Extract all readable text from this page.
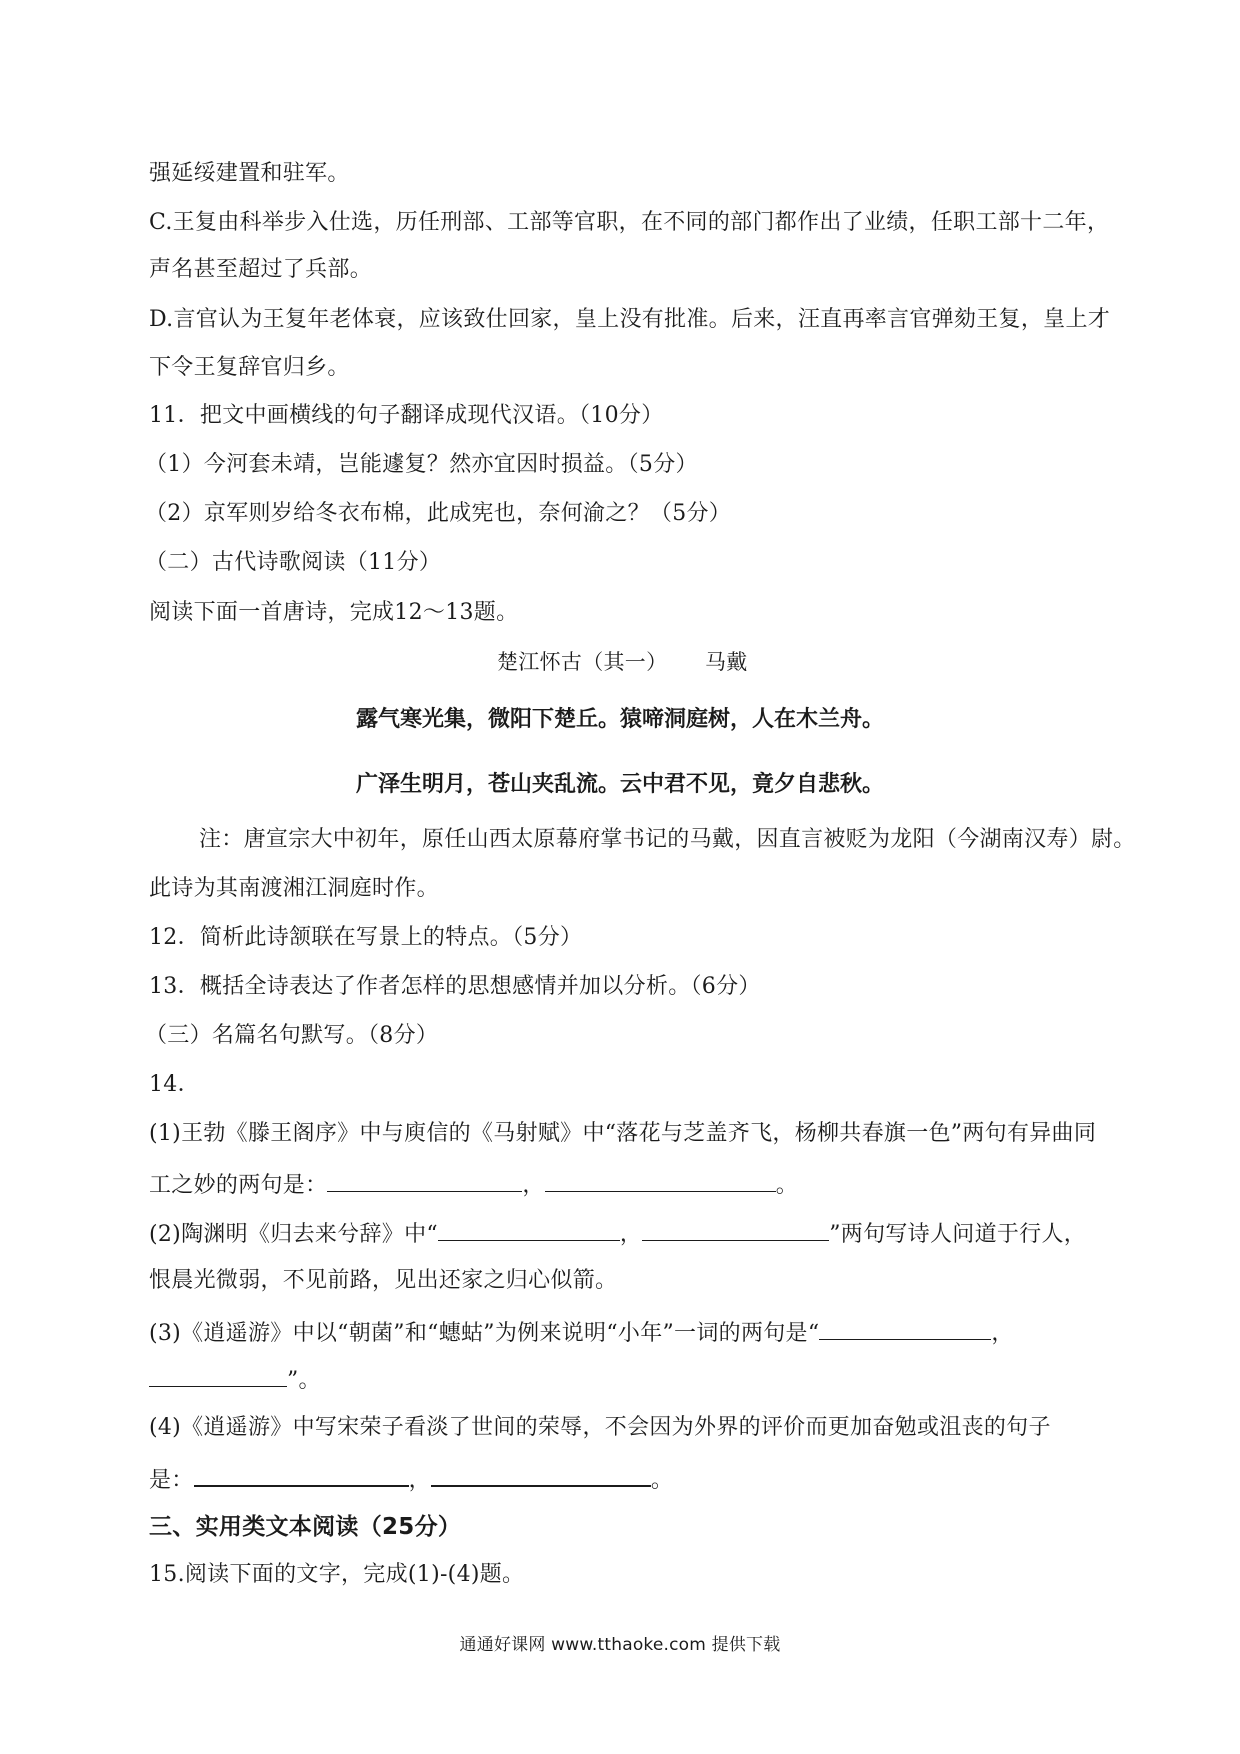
强延绥建置和驻军。
C.王复由科举步入仕选，历任刑部、工部等官职，在不同的部门都作出了业绩，任职工部十二年，
声名甚至超过了兵部。
D.言官认为王复年老体衰，应该致仕回家，皇上没有批准。后来，汪直再率言官弹劾王复，皇上才
下令王复辞官归乡。
11．把文中画横线的句子翻译成现代汉语。（10分）
（1）今河套未靖，岂能遽复？然亦宜因时损益。（5分）
（2）京军则岁给冬衣布棉，此成宪也，奈何渝之？（5分）
（二）古代诗歌阅读（11分）
阅读下面一首唐诗，完成12～13题。
楚江怀古（其一） 马戴
露气寒光集，微阳下楚丘。猿啼洞庭树，人在木兰舟。
广泽生明月，苍山夹乱流。云中君不见，竟夕自悲秋。
注：唐宣宗大中初年，原任山西太原幕府掌书记的马戴，因直言被贬为龙阳（今湖南汉寿）尉。
此诗为其南渡湘江洞庭时作。
12．简析此诗颔联在写景上的特点。（5分）
13．概括全诗表达了作者怎样的思想感情并加以分析。（6分）
（三）名篇名句默写。（8分）
14．
(1)王勃《滕王阁序》中与庾信的《马射赋》中“落花与芝盖齐飞，杨柳共春旗一色”两句有异曲同
工之妙的两句是：	，	。
(2)陶渊明《归去来兮辞》中“	，	”两句写诗人问道于行人，
恨晨光微弱，不见前路，见出还家之归心似箭。
(3)《逍遥游》中以“朝菌”和“蟪蛄”为例来说明“小年”一词的两句是“	，
”。
(4)《逍遥游》中写宋荣子看淡了世间的荣辱，不会因为外界的评价而更加奋勉或沮丧的句子
是：	，	。
三、实用类文本阅读（25分）
15.阅读下面的文字，完成(1)-(4)题。
通通好课网 www.tthaoke.com 提供下载
